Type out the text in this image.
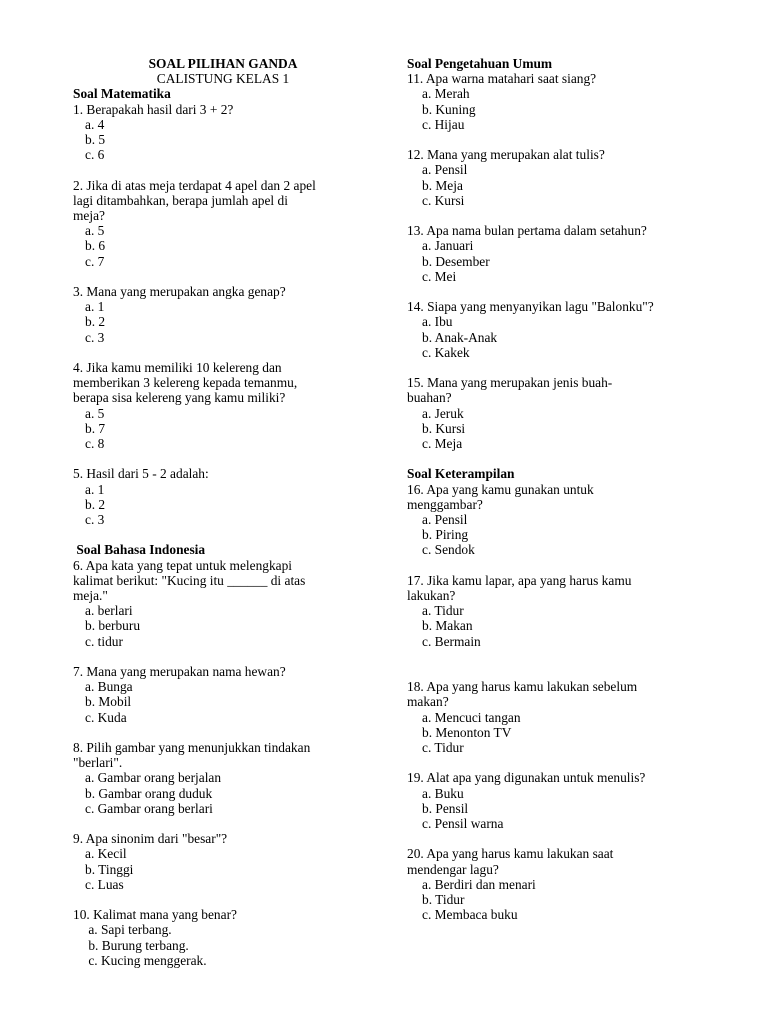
SOAL PILIHAN GANDA
CALISTUNG KELAS 1
Soal Matematika
1. Berapakah hasil dari 3 + 2?
a. 4
b. 5
c. 6
2. Jika di atas meja terdapat 4 apel dan 2 apel
lagi ditambahkan, berapa jumlah apel di
meja?
a. 5
b. 6
c. 7
3. Mana yang merupakan angka genap?
a. 1
b. 2
c. 3
4. Jika kamu memiliki 10 kelereng dan
memberikan 3 kelereng kepada temanmu,
berapa sisa kelereng yang kamu miliki?
a. 5
b. 7
c. 8
5. Hasil dari 5 - 2 adalah:
a. 1
b. 2
c. 3
Soal Bahasa Indonesia
6. Apa kata yang tepat untuk melengkapi
kalimat berikut: "Kucing itu ______ di atas
meja."
a. berlari
b. berburu
c. tidur
7. Mana yang merupakan nama hewan?
a. Bunga
b. Mobil
c. Kuda
8. Pilih gambar yang menunjukkan tindakan
"berlari".
a. Gambar orang berjalan
b. Gambar orang duduk
c. Gambar orang berlari
9. Apa sinonim dari "besar"?
a. Kecil
b. Tinggi
c. Luas
10. Kalimat mana yang benar?
a. Sapi terbang.
b. Burung terbang.
c. Kucing menggerak.
Soal Pengetahuan Umum
11. Apa warna matahari saat siang?
a. Merah
b. Kuning
c. Hijau
12. Mana yang merupakan alat tulis?
a. Pensil
b. Meja
c. Kursi
13. Apa nama bulan pertama dalam setahun?
a. Januari
b. Desember
c. Mei
14. Siapa yang menyanyikan lagu "Balonku"?
a. Ibu
b. Anak-Anak
c. Kakek
15. Mana yang merupakan jenis buah-
buahan?
a. Jeruk
b. Kursi
c. Meja
Soal Keterampilan
16. Apa yang kamu gunakan untuk
menggambar?
a. Pensil
b. Piring
c. Sendok
17. Jika kamu lapar, apa yang harus kamu
lakukan?
a. Tidur
b. Makan
c. Bermain
18. Apa yang harus kamu lakukan sebelum
makan?
a. Mencuci tangan
b. Menonton TV
c. Tidur
19. Alat apa yang digunakan untuk menulis?
a. Buku
b. Pensil
c. Pensil warna
20. Apa yang harus kamu lakukan saat
mendengar lagu?
a. Berdiri dan menari
b. Tidur
c. Membaca buku
